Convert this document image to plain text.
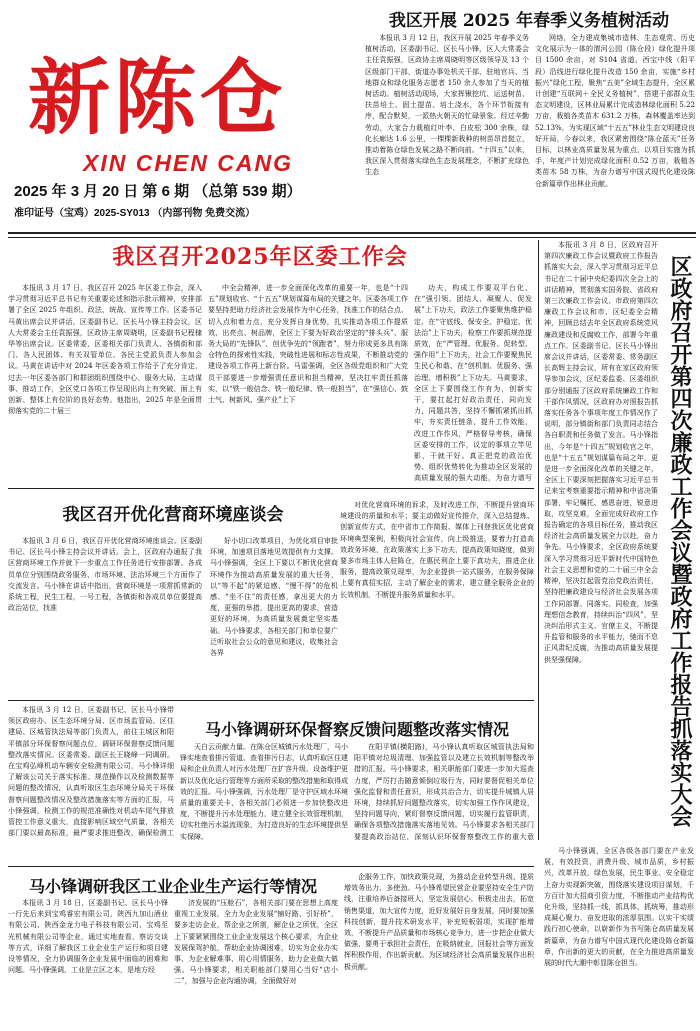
新陈仓
XIN CHEN CANG
2025 年 3 月 20 日 第 6 期 （总第 539 期）
准印证号（宝鸡）2025-SY013 （内部刊物 免费交流）
我区开展 2025 年春季义务植树活动

本报讯 3 月 12 日，我区开展 2025 年春季义务植树活动，区委副书记、区长马小锋，区人大常委会主任袁振强，区政协主席周晓明等区级领导及 13 个区级部门干部，街道办事处机关干部、驻地官兵、当地群众和绿化服务志愿者 150 余人参加了当天的植树活动。植树活动现场，大家挥锹挖坑、运送树苗、扶苗培土、固土提苗、培土浇水，各个环节衔接有序，配合默契，一派热火朝天的忙碌景象。经过辛勤劳动，大家合力栽植红叶李、白皮松 300 余株，绿化长廊达 1.6 公里，一棵棵新栽种的树苗昂首挺立，推动着陈仓绿色发展之路不断向前。“十四五”以来，我区深入贯彻落实绿色生态发展理念，不断扩充绿色生态

网络，全力建成集城市造林、生态观赏、历史文化展示为一体的渭河公园（陈仓段）绿化提升项目 1500 余亩，对 S104 省道、西宝中线（阳平段）沿线进行绿化提升改造 150 余亩，实施“乡村振兴”绿化工程，聚焦“五美”全域生态提升，全区累计创建“互联网＋全民义务植树”，搭建干部群众生态文明建设，区林业局累计完成造林绿化面积 5.22 万亩，栽植各类苗木 631.2 万株，森林覆盖率达到 52.13%，为实现区域“十五五”林业生态文明建设良好开局，今春以来，我区紧密围绕“陈仓蓝天”任务目标，以林业高质量发展为重点，以项目实施为抓手，年度产计划完成绿化面积 0.52 万亩，栽植各类苗木 58 万株，为奋力谱写中国式现代化建设陈仓新篇章作出林业贡献。

我区召开2025年区委工作会

本报讯 3 月 17 日，我区召开 2025 年区委工作会，深入学习贯彻习近平总书记有关重要论述和指示批示精神，安排部署了全区 2025 年组织、政法、统战、宣传等工作。区委书记马黄出席会议并讲话，区委副书记、区长马小锋主持会议，区人大常委会主任袁振强，区政协主席周晓明，区委副书记程棣华等出席会议。区委常委、区委相关部门负责人、各镇街和部门、各人民团体、有关双管单位、各民主党派负责人参加会议。马黄在讲话中对 2024 年区委各项工作给予了充分肯定，过去一年区委各部门和群团组织围绕中心、服务大局，主动谋事、推动工作，全区党口各项工作呈现出向上有突破、面上有创新、整体上有位阶的良好态势。他指出，2025 年是全面贯彻落实党的二十届三

中全会精神，进一步全面深化改革的重要一年，也是“十四五”规划收官、“十五五”规划谋篇布局的关键之年。区委各项工作要坚持把助力经济社会发展作为中心任务，找准工作的结合点、切入点和着力点，充分发挥自身优势，扎实推动各项工作提质效、出亮点、树品牌，全区上下要为好政治坚定的“排头兵”、服务大局的“先锋队”、创优争先的“领跑者”，努力形成更多具有陈仓特色的探索性实践，突破性进展和标志性成果，不断推动党的建设各项工作再上新台阶。马雷强调，全区各级党组织和广大党员干部要进一步增强责任意识和担当精神，坚决扛牢责任抓落实，以“铁一般信念、铁一般纪律、铁一般担当”，在“强信心、鼓士气、树新风、强产业”上下

功夫，构成工作要双平台化、在“强引领、团结人、凝聚人、促发展”上下功夫，政法工作要聚焦维护稳定、在“守底线、保安全、护稳定、优法治”上下功夫，检察工作要抓规范提质效，在“严管理、优服务、促转型、强作用”上下功夫，社会工作要聚焦民生民心和谐、在“创机制、优服务、强治理、增积极”上下功夫。马黄要求，全区上下要围绕工作有为，创新实干，要扛起打好政治责任，同向发力，同题共答，坚持不懈抓紧抓出抓牢，夯实责任链条，提升工作效能，改进工作作风，严格督导考核，确保区委安排的工作，议定的事项立竿见影、干就干好。真正把党的政治优势、组织优势转化为推动全区发展的高质量发展的强大动能，为奋力谱写	区政府召开第四次廉政工作会议暨政府工作报告抓落实大会

本报讯 3 月 8 日，区政府召开第四次廉政工作会议暨政府工作报告抓落实大会，深入学习贯彻习近平总书记在二十届中央纪委四次全会上的讲话精神，贯彻落实国务院、省政府第三次廉政工作会议、市政府第四次廉政工作会议和市、区纪委全会精神，回顾总结去年全区政府系统党风廉政建设和反腐败工作，部署今年重点工作。区委副书记、区长马小锋出席会议并讲话，区委常委、常务副区长高辉主持会议，所有在家区政府领导参加会议，区纪委监委、区委组织部分别通报了区政府系统廉政工作和干部作风情况，区政府办对照报告抓落实任务各个事项年度工作情况作了说明，部分镇街和部门负责同志结合各自职责和任务做了发言。马小锋指出，今年是“十四五”规划收官之年，也是“十五五”规划谋篇布局之年，更是进一步全面深化改革的关键之年，全区上下要深刻把握落实习近平总书记来宝考察重要指示精神和中省决策部署，牢记嘱托、感恩奋进，锐意进取，攻坚克难，全面完成好政府工作报告确定的各项目标任务，推动我区经济社会高质量发展全力以赴，奋力争先。马小锋要求，全区政府系统要深入学习贯彻习近平新时代中国特色社会主义思想和党的二十届三中全会精神，坚决扛起管党治党政治责任，坚持把廉政建设与经济社会发展各项工作同部署、同落实、同检查，加强理想信念教育，持续纠治“四风”，坚决纠治形式主义、官僚主义，不断提升监管和服务的水平能力，驰而不息正风肃纪反腐，为推动高质量发展提供坚强保障。

我区召开优化营商环境座谈会

本报讯 3 月 6 日，我区召开优化营商环境座谈会。区委副书记、区长马小锋主持会议并讲话。会上，区政府办通报了我区营商环境工作并就下一步重点工作任务进行安排部署。各成员单位分别围绕政务服务、市场环境、法治环境三个方面作了交流发言。马小锋在讲话中指出，营商环境是一项常抓常新的系统工程，民生工程，一号工程，各镇街和各成员单位要提高政治站位，找准

好小切口改革项目，为优化项目审批环境，加速项目落地见效提供有力支撑。马小锋强调，全区上下要以不断优化营商环境作为推动高质量发展的重大任务，以“等不起”的紧迫感、“慢不得”的危机感、“坐不住”的责任感，拿出更大的力度，更强的举措，提出更高的要求，营造更好的环境，为高质量发展奠定坚实基础。马小锋要求，各相关部门和单位要广泛听取社会公众的意见和建议，收集社会各界

对优化营商环境的诉求，及时改进工作，不断提升营商环境建设的质量和水平；要主动做好宣传推介，深入总结提炼、创新宣传方式，在中省市工作简报、媒体上刊登我区优化营商环境典型案例，积极向社会宣传，向上级推送，要着力打造高效政务环境，在政策落实上多下功夫，提高政策知晓度，做到要多市场主体人驻陈仓，在惠民利企上要下真功夫，推进企业服务，提高政策兑现率，为企业提供一站式服务，在服务保障上要有真招实招，主动了解企业的需求，建立健全服务企业的长效机制，不断提升服务质量和水平。

马小锋调研环保督察反馈问题整改落实情况

本报讯 3 月 12 日，区委副书记、区长马小锋带领区政府办、区生态环境分局、区市场监管局、区住建局、区城管执法局等部门负责人，前往主城区和阳平镇部分环保督察问题点位，调研环保督察反馈问题整改落实情况。区委常委、副区长王晓峰一同调研。在宝鸡弘峰机动车辆安全检测有限公司，马小锋详细了解该公司关于落实标准、规范操作以及检测数据等问题的整改情况，认真听取区生态环境分局关于环保督察问题整改情况及整改措施落实等方面的汇报，马小锋强调，检测工作的规范准确性对机动车尾气排放管控工作意义重大，直接影响区域空气质量，各相关部门要以最高标准，最严要求推进整改，确保检测工

天白云贡献力量。在陈仓区城镇污水处理厂，马小锋实地查看排污管道、查看排污日志，认真听取区住建局和企业负责人对污水处理厂在扩容升级、设备维护更新以及优化运行管理等方面所采取的整改措施和取得成效的汇报。马小锋强调，污水处理厂是守护区域水环境质量的重要关卡，各相关部门必须进一步加快整改进度，不断提升污水处理能力，建立健全长效管理机制，切实杜绝污水溢流现象，为打造良好的生态环境提供坚实保障。

在阳平镇(横阳路)，马小锋认真听取区城管执法局和阳平镇对垃圾清理、加强监管以及建立长效机制等整改举措的汇报。马小锋要求，相关职能部门要进一步加大巡查力度，严厉打击随意倾倒垃圾行为，同时要督促相关单位强化监督和责任意识，形成共治合力，切实提升城镇人居环境，持续抓好问题整改落实，切实加强工作作风建设，坚持问题导向，紧盯督察反馈问题，切实履行监管职责，确保各项整改措施落实落地见效。马小锋要求各相关部门要提高政治站位，深刻认识环保督察整改工作的重大意

马小锋调研我区工业企业生产运行等情况

本报讯 3 月 18 日，区委副书记、区长马小锋一行先后来到宝鸡睿宏有限公司，陕西九加山酒业有限公司、陕西金龙力电子科技有限公司、宝鸡至光机械有限公司等企业，通过实地查看、察访交谈等方式，详细了解我区工业企业生产运行和项目建设等情况，全力协调服务企业发展中面临的困难和问题。马小锋强调，工业是立区之本，是地方经

济发展的“压舱石”，各相关部门要在思想上高度重视工业发展，全力为企业发展“铺好路、引好桥”，要多走访企业，帮企业之所需，解企业之所忧，全区上下要紧紧围绕工业企业发展这个核心要求，为企业发展保驾护航，帮助企业协调困难，切实为企业办实事、为企业解难事、用心用情服务，助力企业做大做强。马小锋要求，相关职能部门要用心当好“店小二”，加强与企业沟通协调，全面做好对

企服务工作，加快政策兑现，为推动企业转型升级、提质增效务出力、多使劲。马小锋希望民营企业要坚持安全生产防线，注重培养后备接班人，坚定发展信心，积极走出去，拓宽销售渠道，加大宣传力度，近好发展好自身发展，同时要加强科技创新，提升技术研发水平，补充短板弱项，实现扩能增效，不断提升产品质量和市场核心竞争力，进一步把企业做大做强，要勇于承担社会责任，在吸纳就业，回报社会等方面发挥积极作用，作出新贡献。为区域经济社会高质量发展作出积极贡献。

马小锋强调，全区各级各部门要在产业发展，有效投资，消费升级、城市品质，乡村振兴，改革开放，绿色发展，民生事业、安全稳定上奋力实现新突破，围绕落实建设项目谋划，千方百计加大招商引资力度，不断推动产业结构优化升级，坚持抓一线，抓具体，抓统筹，推动形成凝心聚力、奋发进取的浓厚氛围。以实干实绩践行初心使命，以崭新作为书写陈仓高质量发展新篇章，为奋力谱写中国式现代化建设陈仓新篇章，作出新的更大的贡献，在全力推进高质量发展的时代大潮中彰显陈仓担当。
